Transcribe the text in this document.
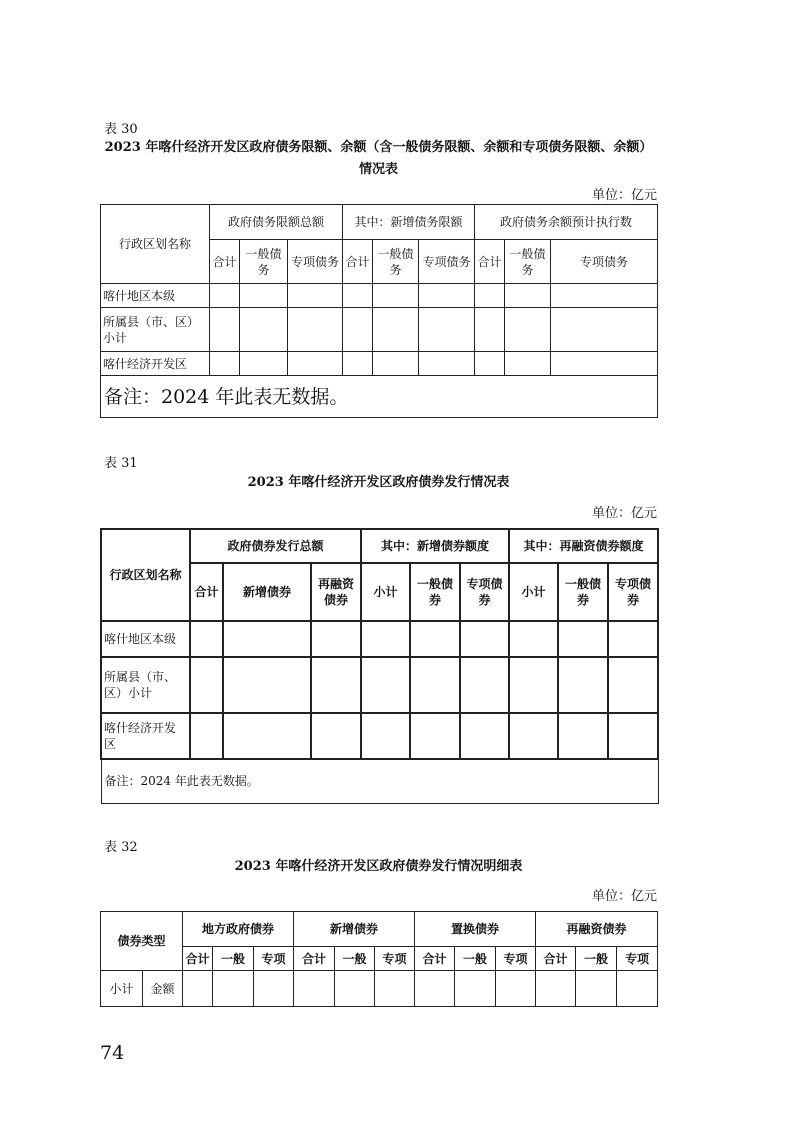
表 30
2023 年喀什经济开发区政府债务限额、余额（含一般债务限额、余额和专项债务限额、余额）
情况表
单位：亿元
行政区划名称	政府债务限额总额			其中：新增债务限额			政府债务余额预计执行数		
	合计	一般债务	专项债务	合计	一般债务	专项债务	合计	一般债务	专项债务
喀什地区本级									
所属县（市、区）小计									
喀什经济开发区									
备注：2024 年此表无数据。									
表 31
2023 年喀什经济开发区政府债券发行情况表
单位：亿元
行政区划名称	政府债券发行总额			其中：新增债券额度			其中：再融资债券额度		
	合计	新增债券	再融资债券	小计	一般债券	专项债券	小计	一般债券	专项债券
喀什地区本级									
所属县（市、区）小计									
喀什经济开发区									
备注：2024 年此表无数据。									
表 32
2023 年喀什经济开发区政府债券发行情况明细表
单位：亿元
债券类型		地方政府债券			新增债券			置换债券			再融资债券		
		合计	一般	专项	合计	一般	专项	合计	一般	专项	合计	一般	专项
小计	金额												
74
